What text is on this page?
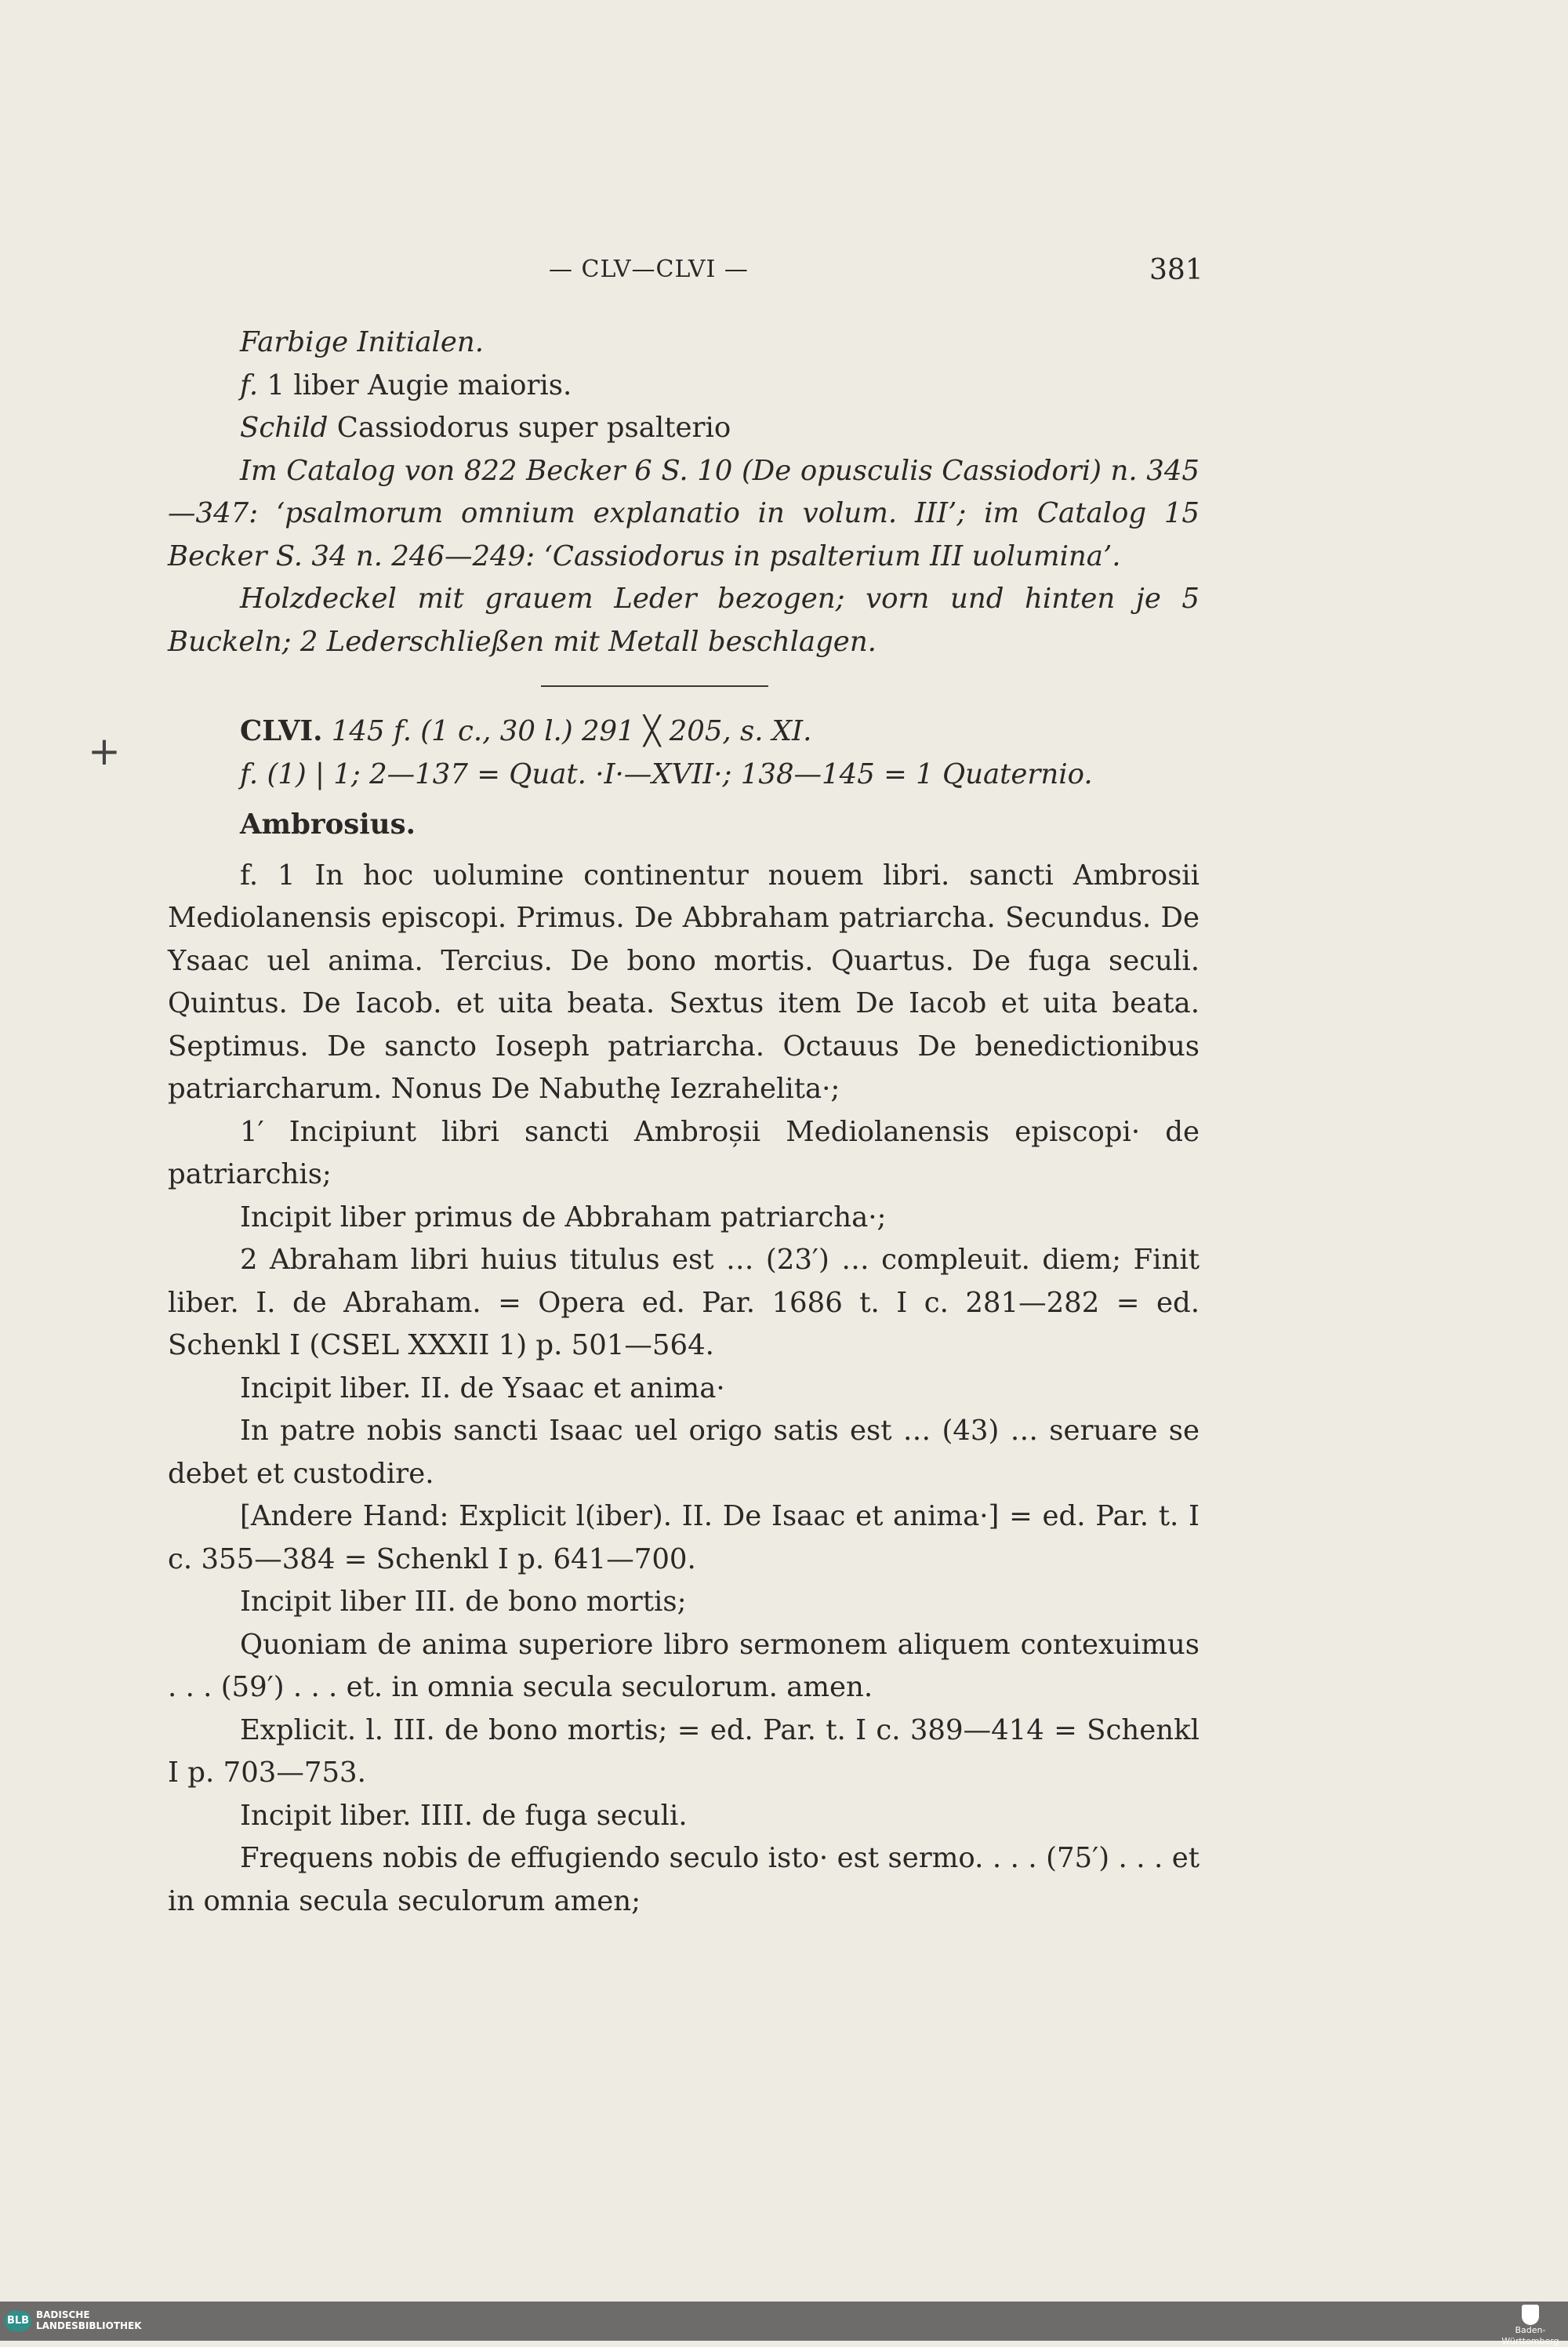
— CLV—CLVI —	381
+

Farbige Initialen.

f. 1 liber Augie maioris.

Schild Cassiodorus super psalterio

Im Catalog von 822 Becker 6 S. 10 (De opusculis Cassiodori) n. 345 —347: ‘psalmorum omnium explanatio in volum. III’; im Catalog 15 Becker S. 34 n. 246—249: ‘Cassiodorus in psalterium III uolumina’.

Holzdeckel mit grauem Leder bezogen; vorn und hinten je 5 Buckeln; 2 Lederschließen mit Metall beschlagen.

CLVI. 145 f. (1 c., 30 l.) 291 ╳ 205, s. XI.

f. (1) | 1; 2—137 = Quat. ·I·—XVII·; 138—145 = 1 Quaternio.

Ambrosius.

f. 1 In hoc uolumine continentur nouem libri. sancti Ambrosii Mediolanensis episcopi. Primus. De Abbraham patriarcha. Secundus. De Ysaac uel anima. Tercius. De bono mortis. Quartus. De fuga seculi. Quintus. De Iacob. et uita beata. Sextus item De Iacob et uita beata. Septimus. De sancto Ioseph patriarcha. Octauus De benedictionibus patriarcharum. Nonus De Nabuthę Iezrahelita·;

1′ Incipiunt libri sancti Ambroșii Mediolanensis episcopi· de patriarchis;

Incipit liber primus de Abbraham patriarcha·;

2 Abraham libri huius titulus est … (23′) … compleuit. diem; Finit liber. I. de Abraham. = Opera ed. Par. 1686 t. I c. 281—282 = ed. Schenkl I (CSEL XXXII 1) p. 501—564.

Incipit liber. II. de Ysaac et anima·

In patre nobis sancti Isaac uel origo satis est … (43) … seruare se debet et custodire.

[Andere Hand: Explicit l(iber). II. De Isaac et anima·] = ed. Par. t. I c. 355—384 = Schenkl I p. 641—700.

Incipit liber III. de bono mortis;

Quoniam de anima superiore libro sermonem aliquem contexuimus . . . (59′) . . . et. in omnia secula seculorum. amen.

Explicit. l. III. de bono mortis; = ed. Par. t. I c. 389—414 = Schenkl I p. 703—753.

Incipit liber. IIII. de fuga seculi.

Frequens nobis de effugiendo seculo isto· est sermo. . . . (75′) . . . et in omnia secula seculorum amen;

BLB BADISCHE
LANDESBIBLIOTHEK	Baden-Württemberg
